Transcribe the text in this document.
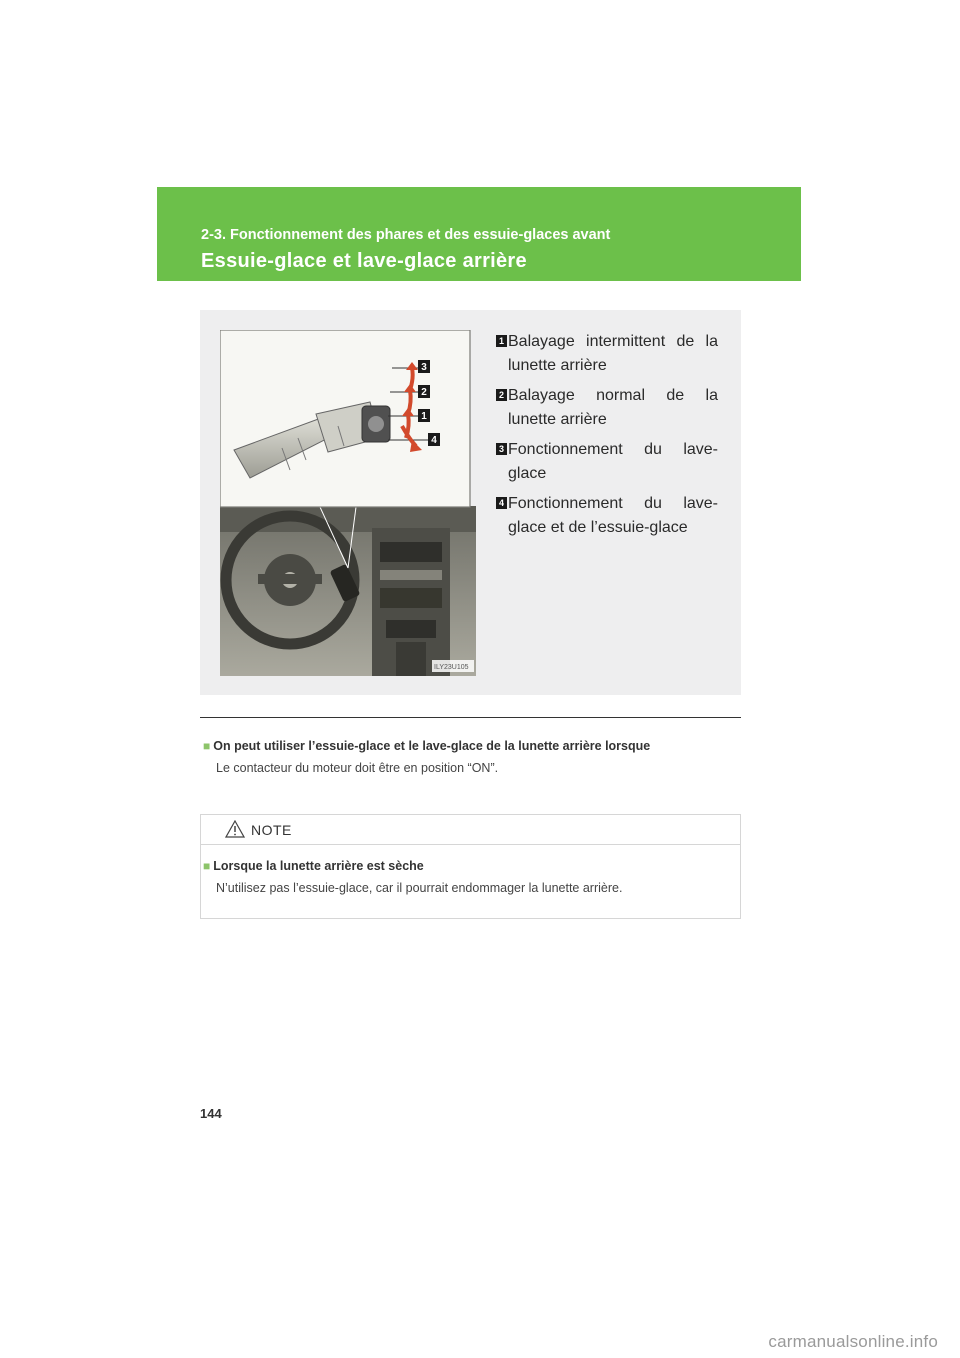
2-3. Fonctionnement des phares et des essuie-glaces avant
Essuie-glace et lave-glace arrière
ILY23U105
3
2
1
4
1 Balayage intermittent de la lunette arrière
2 Balayage normal de la lunette arrière
3 Fonctionnement du lave-glace
4 Fonctionnement du lave-glace et de l’essuie-glace
■ On peut utiliser l’essuie-glace et le lave-glace de la lunette arrière lorsque
Le contacteur du moteur doit être en position “ON”.
NOTE
■ Lorsque la lunette arrière est sèche
N’utilisez pas l’essuie-glace, car il pourrait endommager la lunette arrière.
144
carmanualsonline.info
